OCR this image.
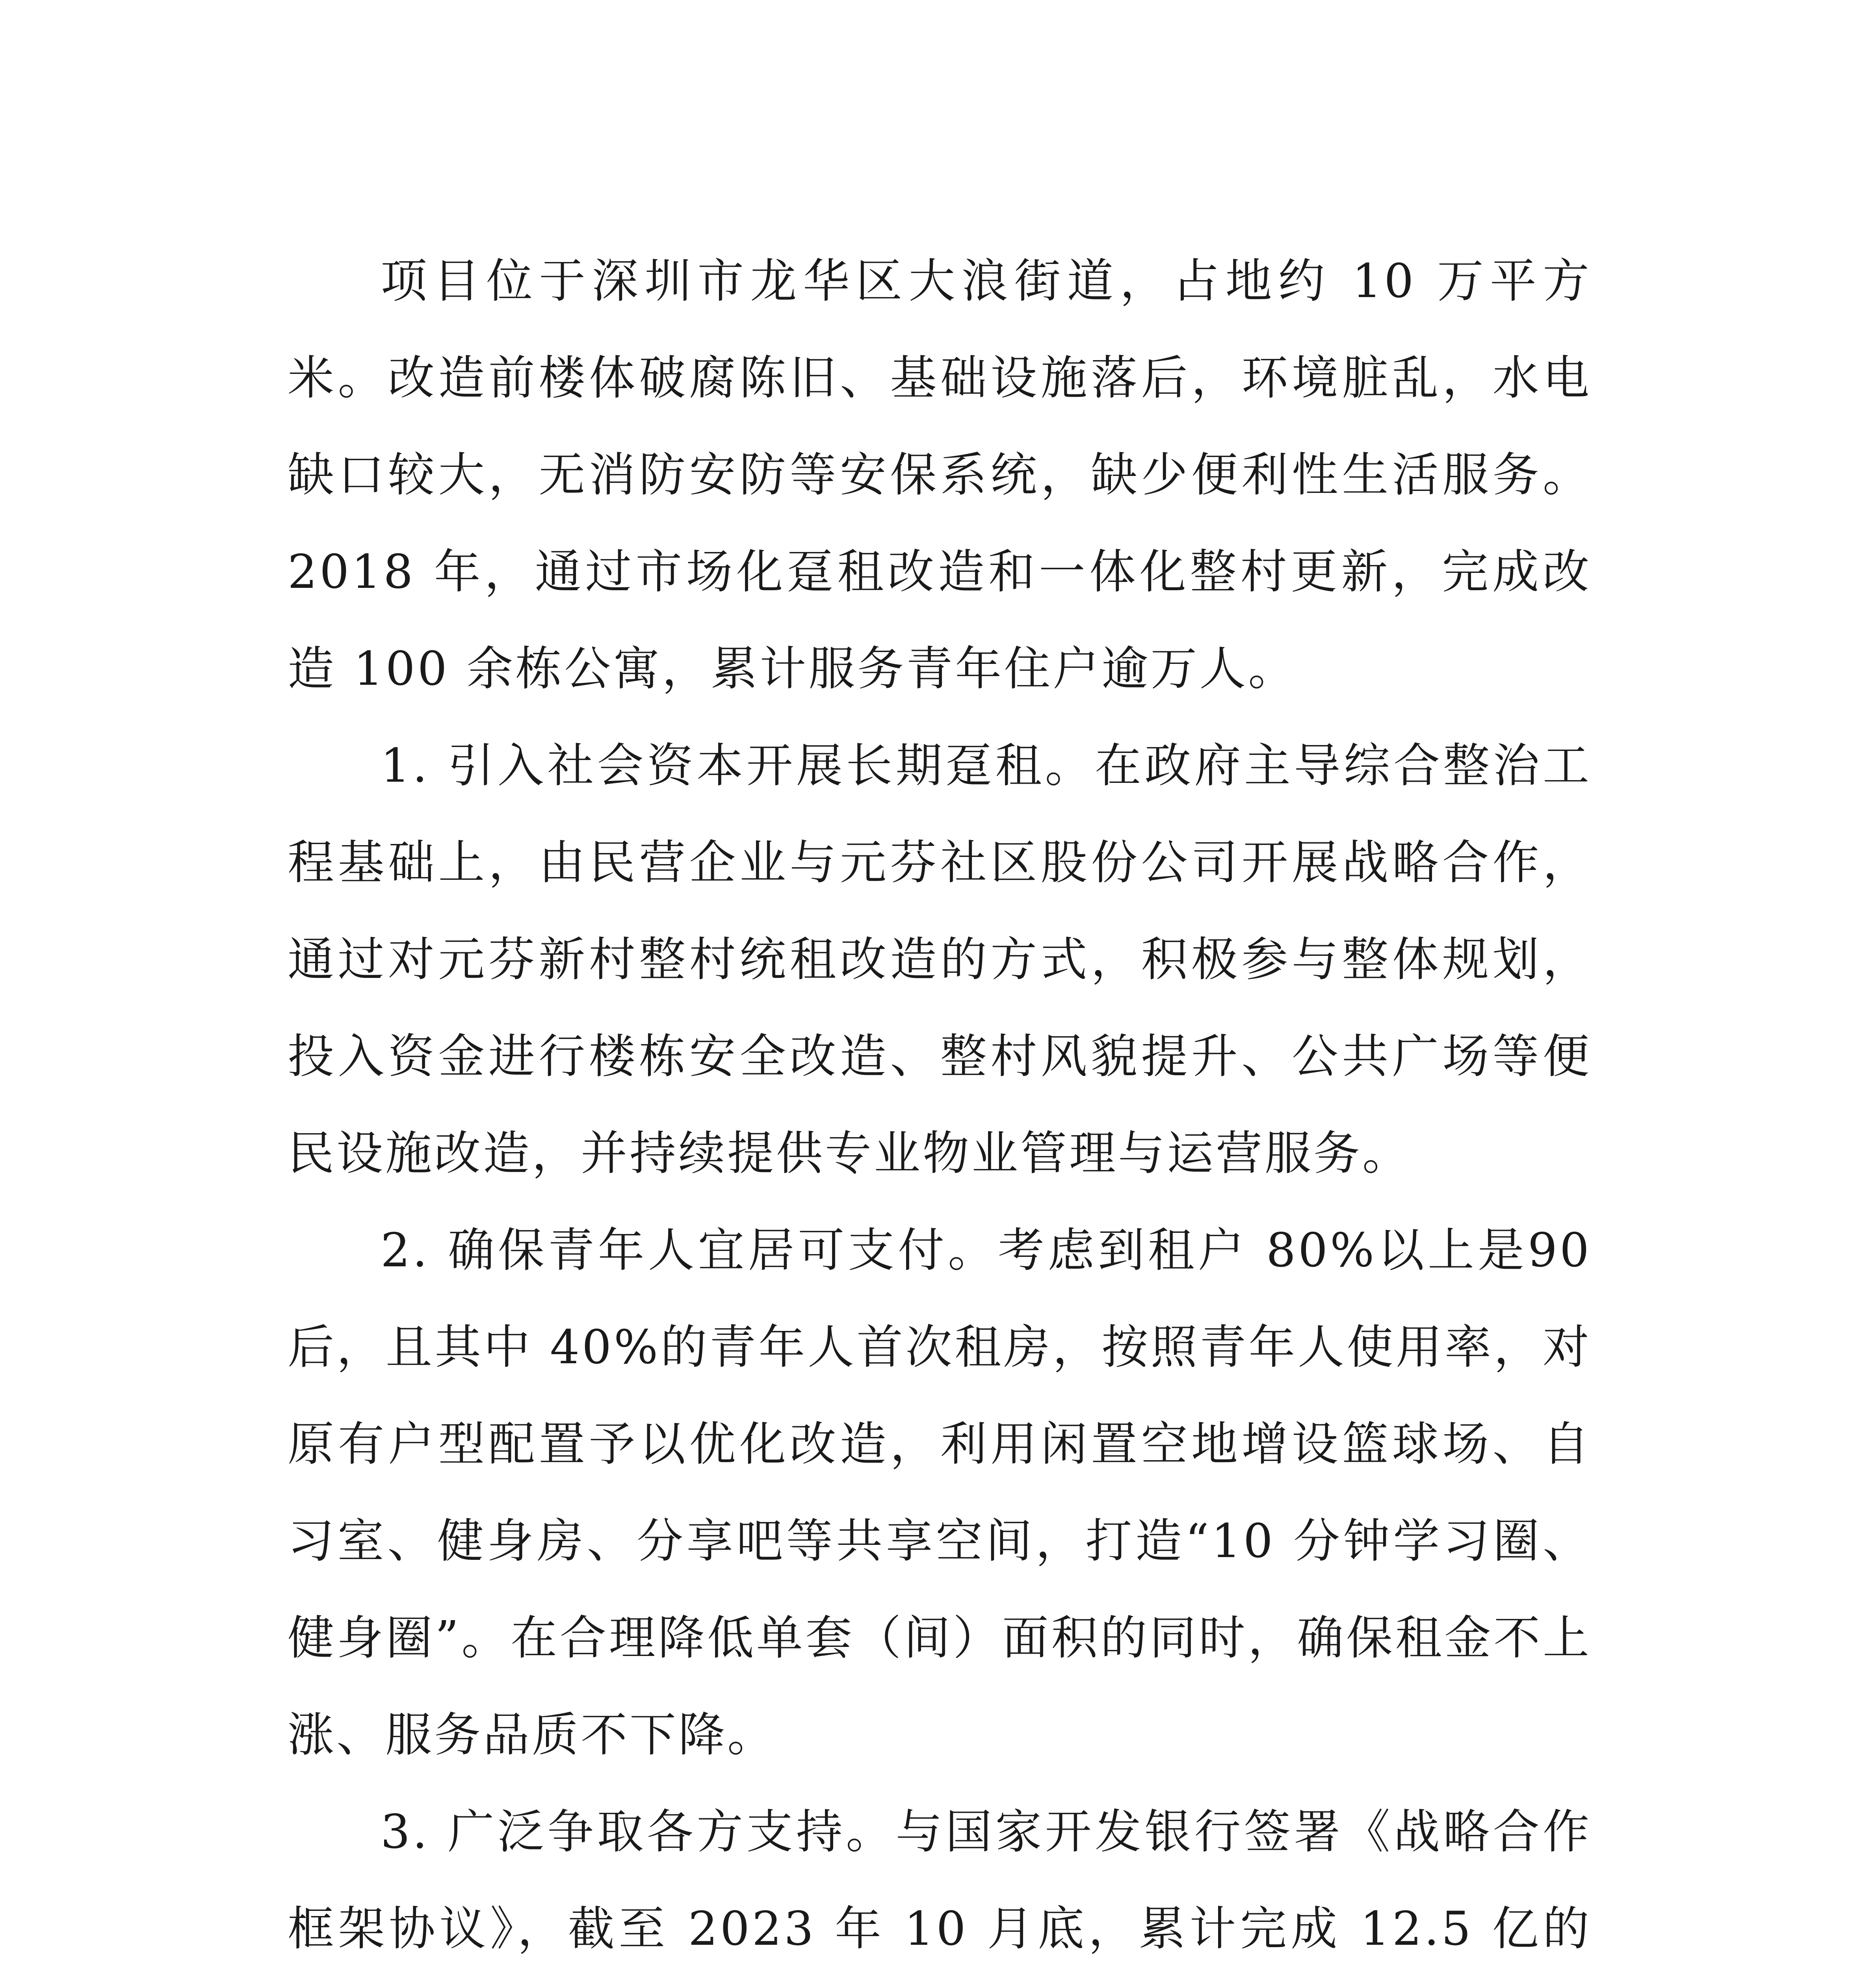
项目位于深圳市龙华区大浪街道，占地约 10 万平方米。改造前楼体破腐陈旧、基础设施落后，环境脏乱，水电缺口较大，无消防安防等安保系统，缺少便利性生活服务。2018 年，通过市场化趸租改造和一体化整村更新，完成改造 100 余栋公寓，累计服务青年住户逾万人。

1. 引入社会资本开展长期趸租。在政府主导综合整治工程基础上，由民营企业与元芬社区股份公司开展战略合作，通过对元芬新村整村统租改造的方式，积极参与整体规划，投入资金进行楼栋安全改造、整村风貌提升、公共广场等便民设施改造，并持续提供专业物业管理与运营服务。

2. 确保青年人宜居可支付。考虑到租户 80%以上是90 后，且其中 40%的青年人首次租房，按照青年人使用率，对原有户型配置予以优化改造，利用闲置空地增设篮球场、自习室、健身房、分享吧等共享空间，打造“10 分钟学习圈、健身圈”。在合理降低单套（间）面积的同时，确保租金不上涨、服务品质不下降。

3. 广泛争取各方支持。与国家开发银行签署《战略合作框架协议》，截至 2023 年 10 月底，累计完成 12.5 亿的
